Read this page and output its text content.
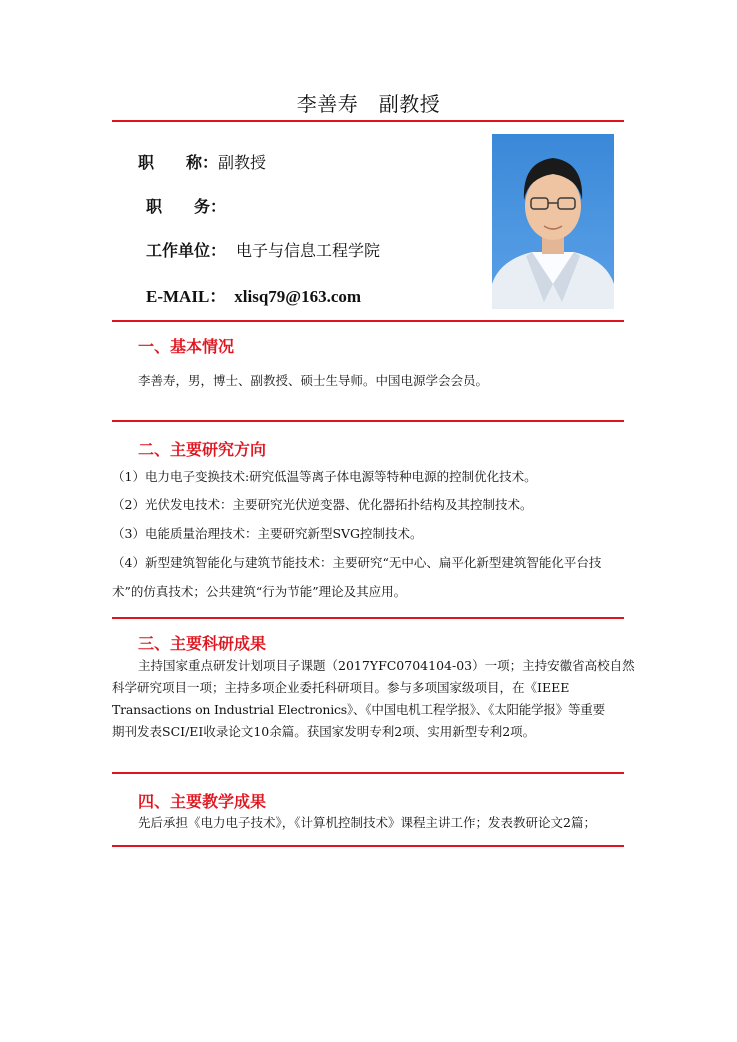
李善寿　副教授
职　　称：副教授
职　　务：
工作单位： 电子与信息工程学院
E-MAIL： xlisq79@163.com
一、基本情况
李善寿，男，博士、副教授、硕士生导师。中国电源学会会员。
二、主要研究方向
（1）电力电子变换技术:研究低温等离子体电源等特种电源的控制优化技术。
（2）光伏发电技术：主要研究光伏逆变器、优化器拓扑结构及其控制技术。
（3）电能质量治理技术：主要研究新型SVG控制技术。
（4）新型建筑智能化与建筑节能技术：主要研究“无中心、扁平化新型建筑智能化平台技
术”的仿真技术；公共建筑“行为节能”理论及其应用。
三、主要科研成果
主持国家重点研发计划项目子课题（2017YFC0704104-03）一项；主持安徽省高校自然
科学研究项目一项；主持多项企业委托科研项目。参与多项国家级项目，在《IEEE
Transactions on Industrial Electronics》、《中国电机工程学报》、《太阳能学报》等重要
期刊发表SCI/EI收录论文10余篇。获国家发明专利2项、实用新型专利2项。
四、主要教学成果
先后承担《电力电子技术》，《计算机控制技术》课程主讲工作；发表教研论文2篇；
